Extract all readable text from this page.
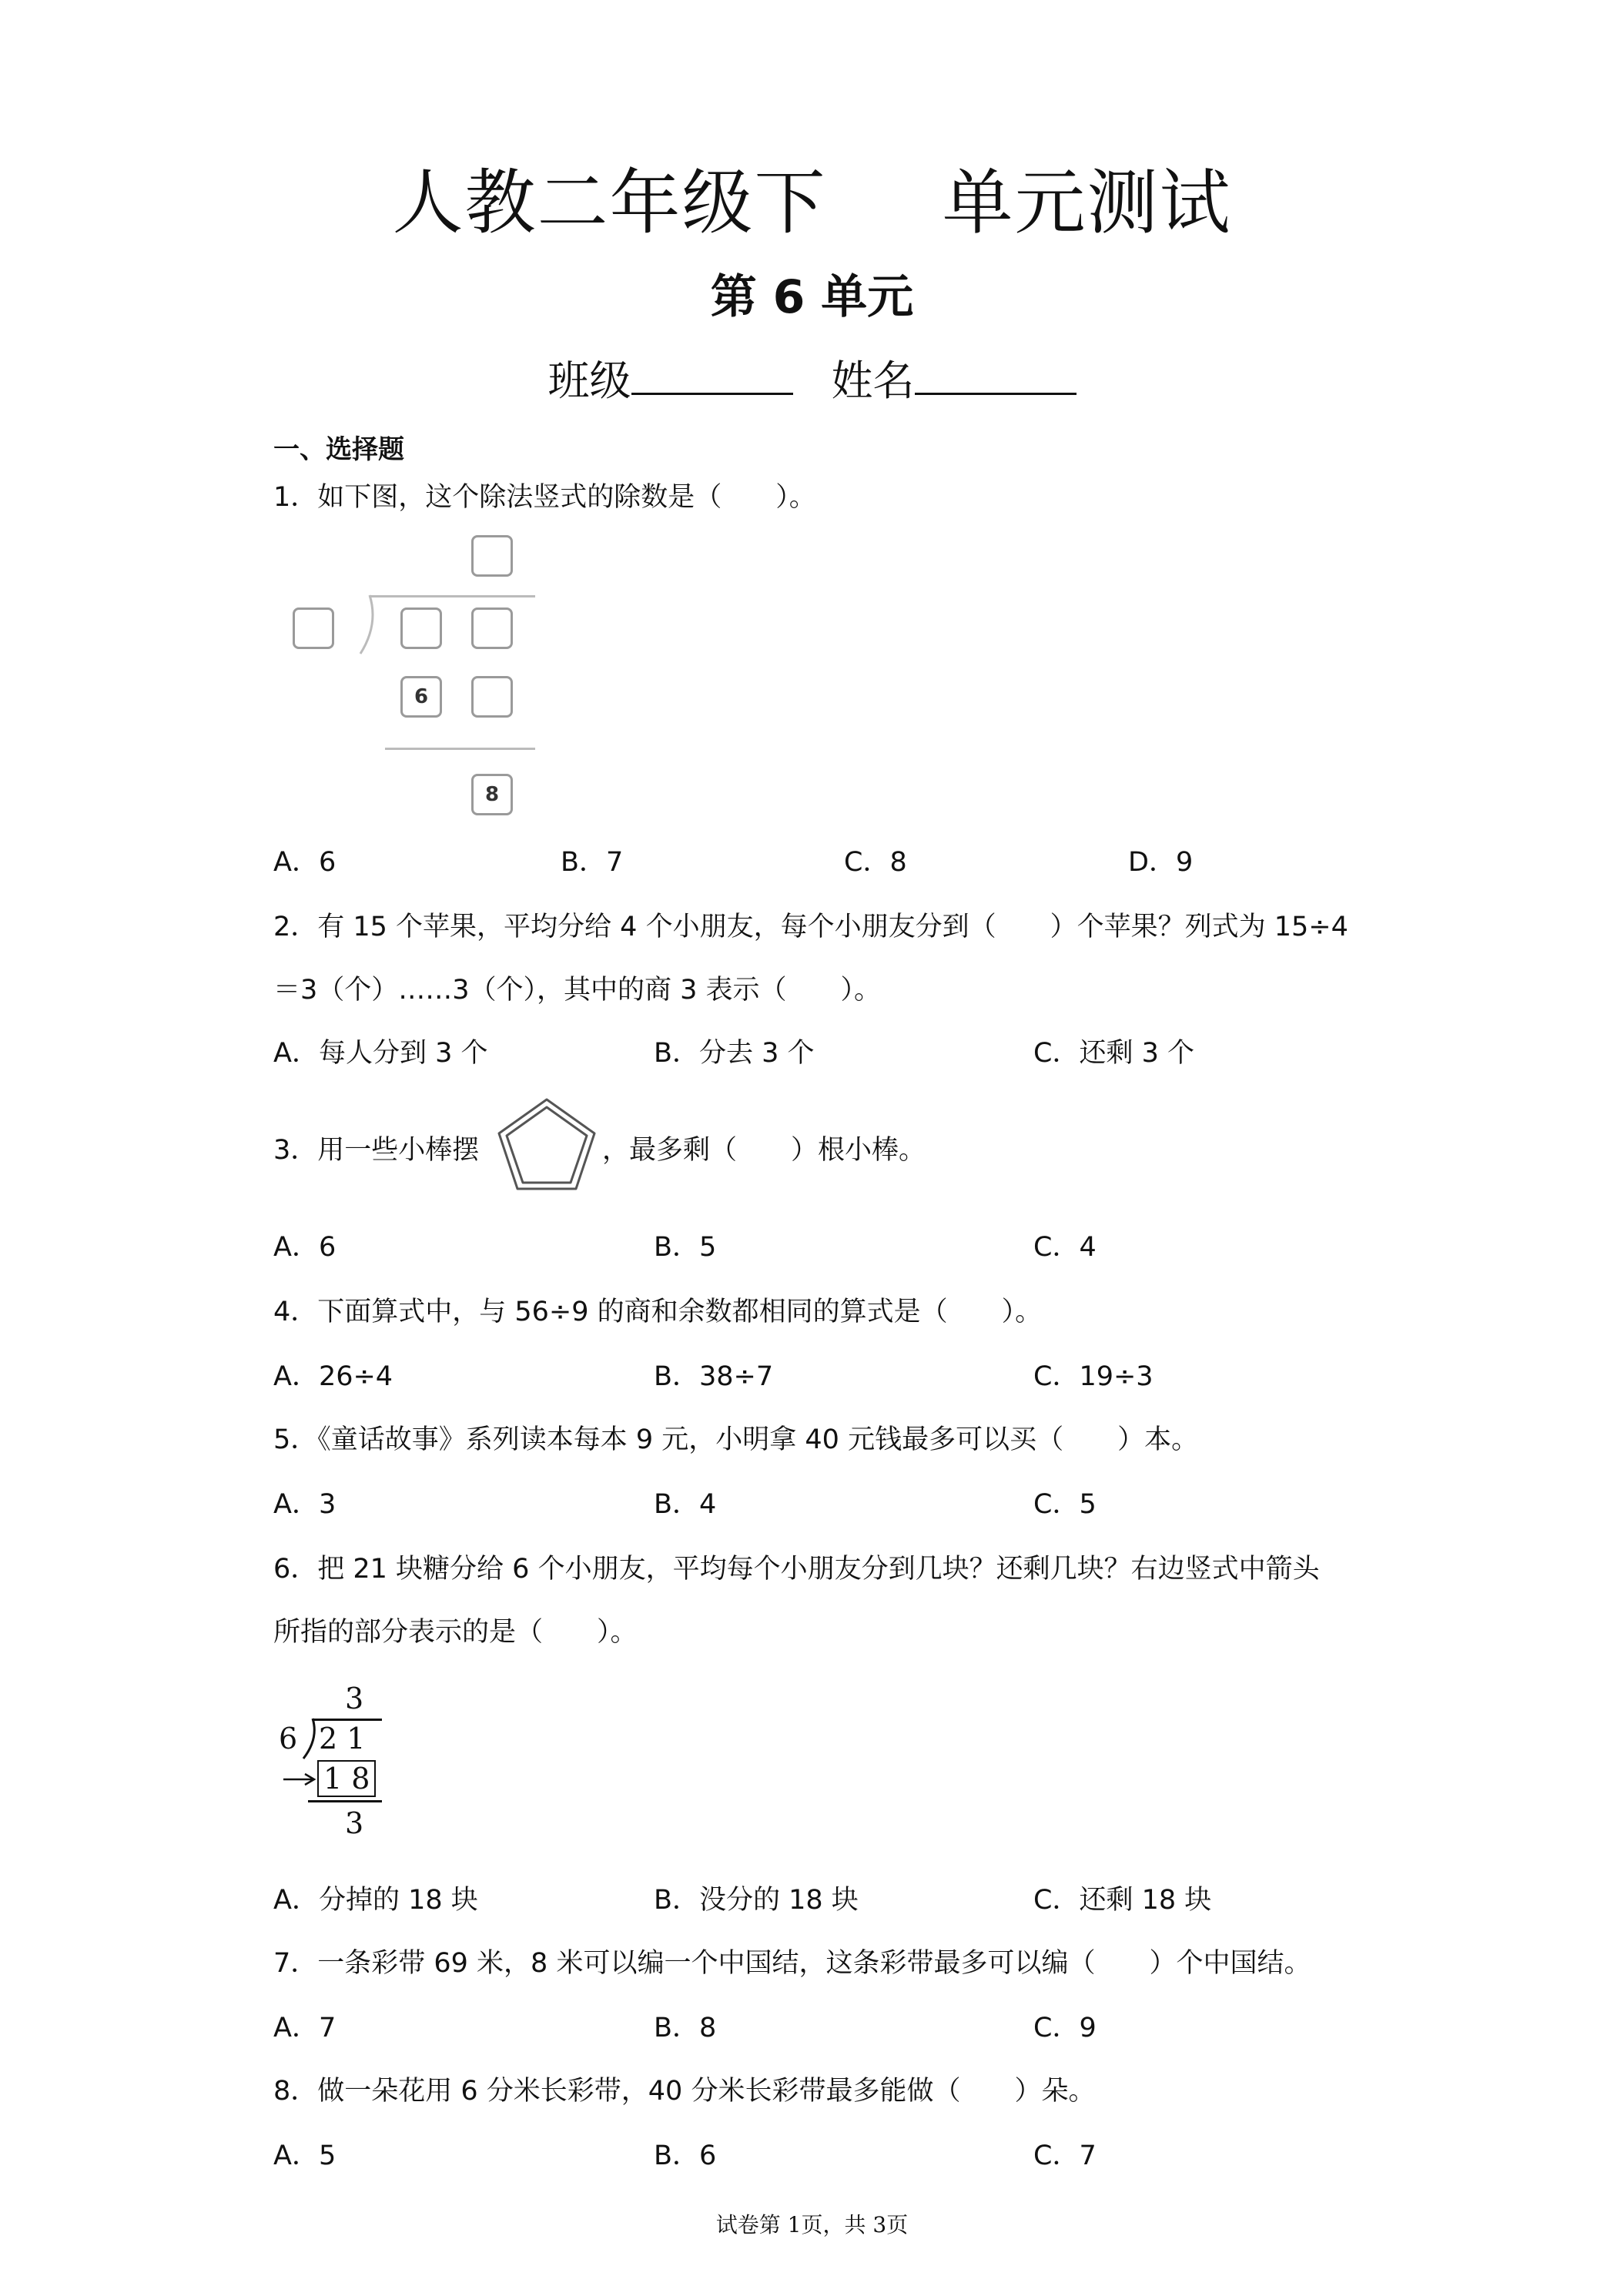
人教二年级下 单元测试
第 6 单元
班级	姓名
一、选择题
1．如下图，这个除法竖式的除数是（　　）。
6
8
A．6	B．7	C．8	D．9
2．有 15 个苹果，平均分给 4 个小朋友，每个小朋友分到（　　）个苹果？列式为 15÷4
＝3（个）……3（个），其中的商 3 表示（　　）。
A．每人分到 3 个	B．分去 3 个	C．还剩 3 个
3．用一些小棒摆	，最多剩（　　）根小棒。
A．6	B．5	C．4
4．下面算式中，与 56÷9 的商和余数都相同的算式是（　　）。
A．26÷4	B．38÷7	C．19÷3
5．《童话故事》系列读本每本 9 元，小明拿 40 元钱最多可以买（　　）本。
A．3	B．4	C．5
6．把 21 块糖分给 6 个小朋友，平均每个小朋友分到几块？还剩几块？右边竖式中箭头
所指的部分表示的是（　　）。
3
6 2 1
1 8
3
A．分掉的 18 块	B．没分的 18 块	C．还剩 18 块
7．一条彩带 69 米，8 米可以编一个中国结，这条彩带最多可以编（　　）个中国结。
A．7	B．8	C．9
8．做一朵花用 6 分米长彩带，40 分米长彩带最多能做（　　）朵。
A．5	B．6	C．7
试卷第 1页，共 3页
